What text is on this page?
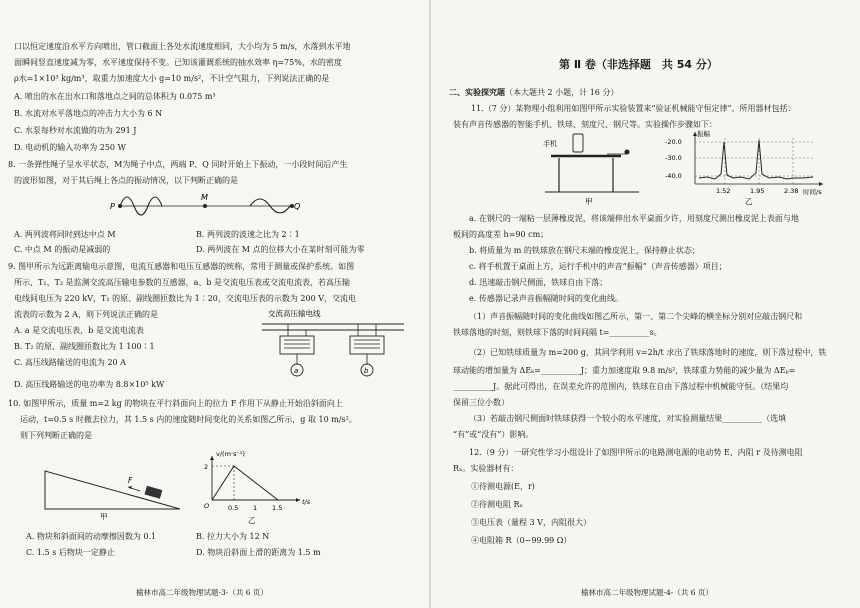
口以恒定速度沿水平方向喷出，管口截面上各处水流速度相同，大小均为 5 m/s，水落到水平地
面瞬间竖直速度减为零，水平速度保持不变。已知该灌溉系统的抽水效率 η=75%，水的密度
ρ水=1×10³ kg/m³，取重力加速度大小 g=10 m/s²，不计空气阻力，下列说法正确的是
A. 喷出的水在出水口和落地点之间的总体积为 0.075 m³
B. 水流对水平落地点的冲击力大小为 6 N
C. 水泵每秒对水流做的功为 291 J
D. 电动机的输入功率为 250 W
8. 一条弹性绳子呈水平状态，M为绳子中点，两端 P、Q 同时开始上下振动，一小段时间后产生
的波形如图，对于其后绳上各点的振动情况，以下判断正确的是
P
M
Q
A. 两列波将同时到达中点 M	B. 两列波的波速之比为 2∶1
C. 中点 M 的振动是减弱的	D. 两列波在 M 点的位移大小在某时刻可能为零
9. 图甲所示为远距离输电示意图，电流互感器和电压互感器的统称，常用于测量或保护系统。如图
所示，T₁、T₂ 是监测交流高压输电参数的互感器，a、b 是交流电压表或交流电流表，若高压输
电线间电压为 220 kV，T₁ 的原、副线圈匝数比为 1∶20，交流电压表的示数为 200 V，交流电
流表的示数为 2 A，则下列说法正确的是	交流高压输电线
a	b
A. a 是交流电压表，b 是交流电流表
B. T₂ 的原、副线圈匝数比为 1 100∶1
C. 高压线路输送的电流为 20 A
D. 高压线路输送的电功率为 8.8×10⁵ kW
10. 如图甲所示，质量 m=2 kg 的物块在平行斜面向上的拉力 F 作用下从静止开始沿斜面向上
运动，t=0.5 s 时撤去拉力，其 1.5 s 内的速度随时间变化的关系如图乙所示，g 取 10 m/s²。
则下列判断正确的是
F
甲
v/(m·s⁻¹)
t/s
2
O	0.5 1 1.5
乙
A. 物块和斜面间的动摩擦因数为 0.1	B. 拉力大小为 12 N
C. 1.5 s 后物块一定静止	D. 物块沿斜面上滑的距离为 1.5 m
榆林市高二年级物理试题-3-（共 6 页）
第 Ⅱ 卷（非选择题　共 54 分）
二、实验探究题（本大题共 2 小题，计 16 分）
11.（7 分）某物理小组利用如图甲所示实验装置来“验证机械能守恒定律”。所用器材包括：
装有声音传感器的智能手机、铁球、刻度尺、钢尺等。实验操作步骤如下：
手机
甲
振幅
-20.0
-30.0
-40.0
1.52	1.95	2.38 时间/s
乙
a. 在钢尺的一端粘一层薄橡皮泥，将该端伸出水平桌面少许，用刻度尺测出橡皮泥上表面与地
板间的高度差 h=90 cm；
b. 将质量为 m 的铁球放在钢尺末端的橡皮泥上，保持静止状态；
c. 将手机置于桌面上方，运行手机中的声音“振幅”（声音传感器）项目；
d. 迅速敲击钢尺侧面，铁球自由下落；
e. 传感器记录声音振幅随时间的变化曲线。
（1）声音振幅随时间的变化曲线如图乙所示，第一、第二个尖峰的横坐标分别对应敲击钢尺和
铁球落地的时刻，则铁球下落的时间间隔 t=__________s。
（2）已知铁球质量为 m=200 g，其同学利用 v=2h/t 求出了铁球落地时的速度，则下落过程中，铁
球动能的增加量为 ΔEₖ=__________J；重力加速度取 9.8 m/s²，铁球重力势能的减少量为 ΔEₚ=
__________J。据此可得出，在误差允许的范围内，铁球在自由下落过程中机械能守恒。（结果均
保留三位小数）
（3）若敲击钢尺侧面时铁球获得一个较小的水平速度，对实验测量结果__________（选填
“有”或“没有”）影响。
12.（9 分）一研究性学习小组设计了如图甲所示的电路测电源的电动势 E、内阻 r 及待测电阻
Rₓ。实验器材有：
①待测电源(E，r)
②待测电阻 Rₓ
③电压表（量程 3 V，内阻很大）
④电阻箱 R（0~99.99 Ω）
榆林市高二年级物理试题-4-（共 6 页）
